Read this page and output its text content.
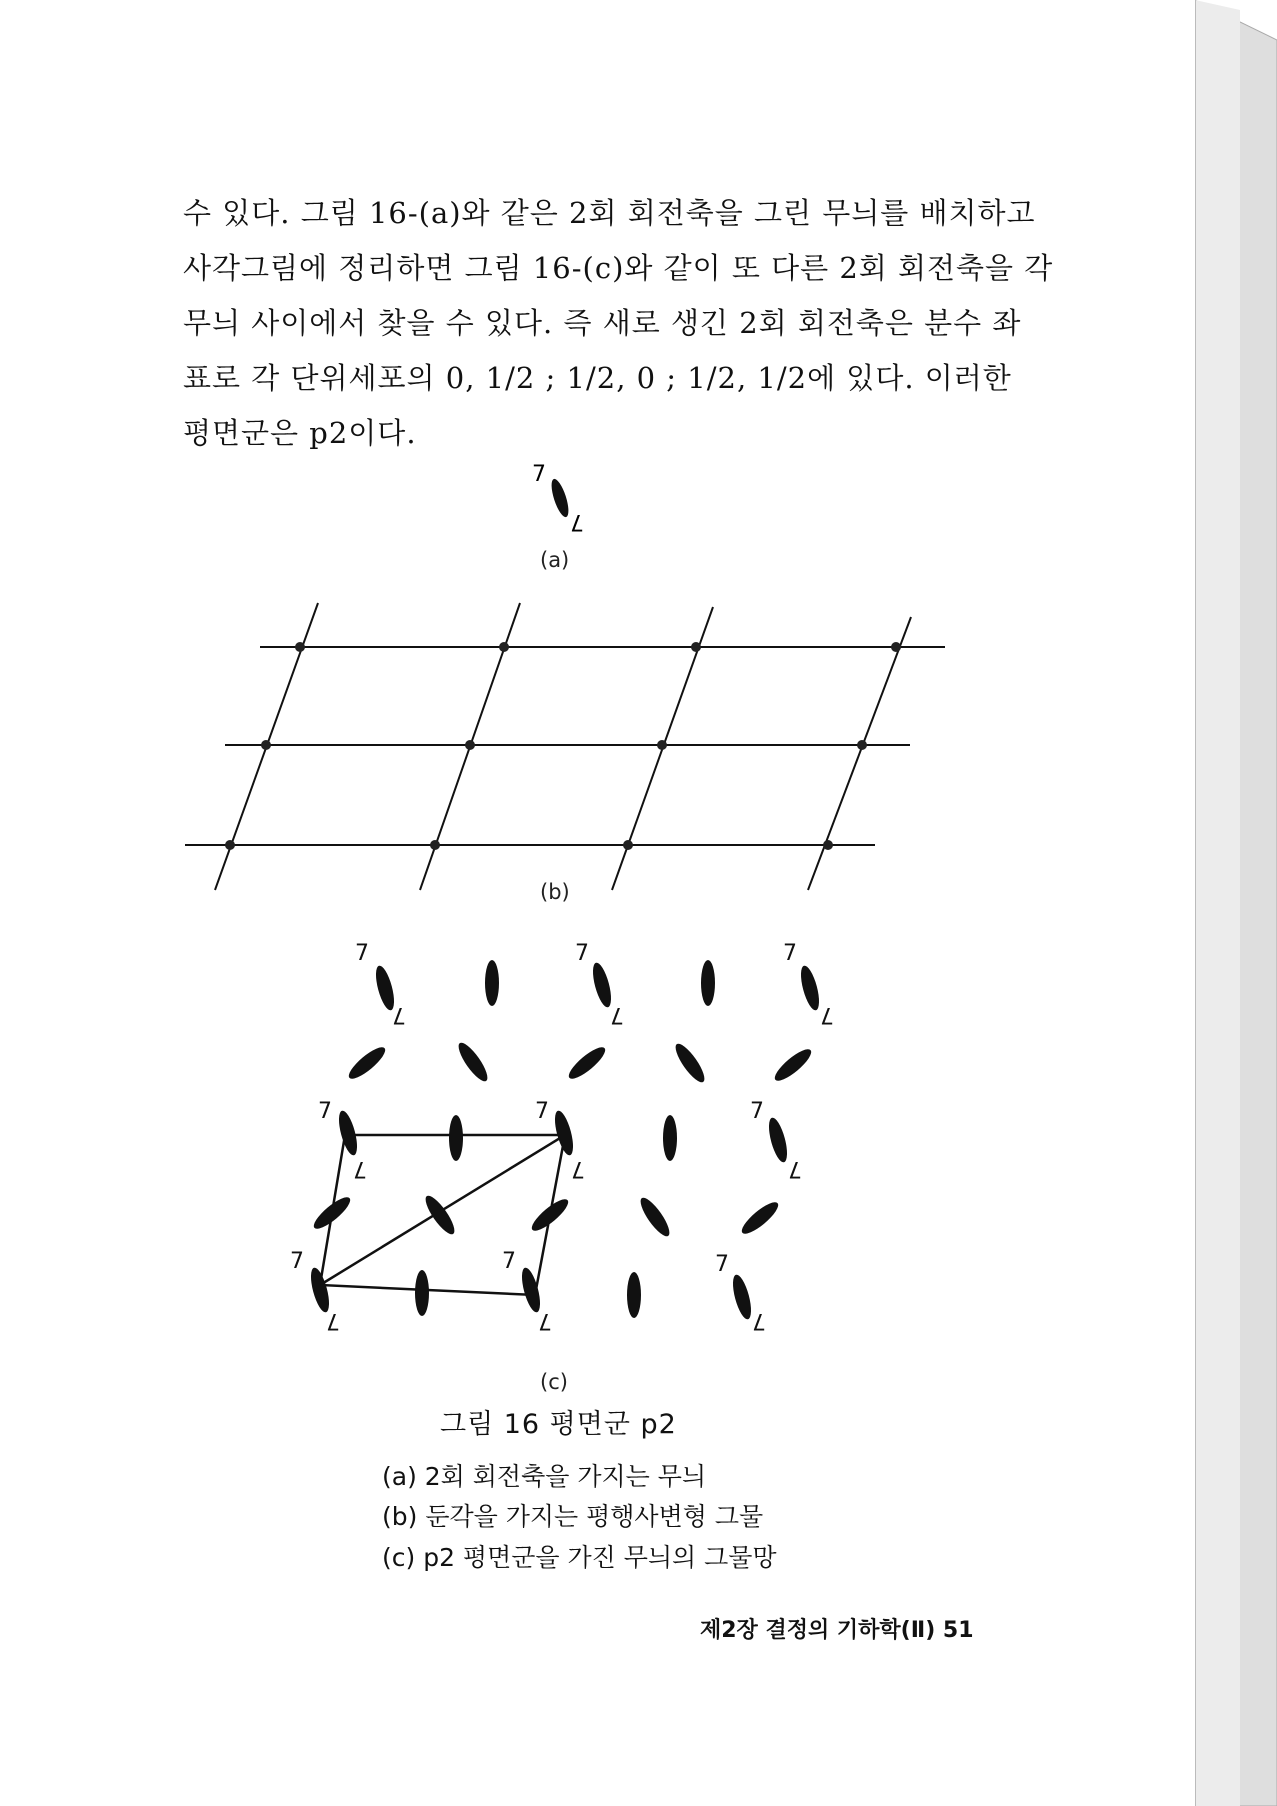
수 있다. 그림 16-(a)와 같은 2회 회전축을 그린 무늬를 배치하고

사각그림에 정리하면 그림 16-(c)와 같이 또 다른 2회 회전축을 각

무늬 사이에서 찾을 수 있다. 즉 새로 생긴 2회 회전축은 분수 좌

표로 각 단위세포의 0, 1/2 ; 1/2, 0 ; 1/2, 1/2에 있다. 이러한

평면군은 p2이다.

7
7
(a)
(b)
7	7	7
7	7	7
7	7	7
7	7	7
7	7	7
7	7	7
(c)
그림 16 평면군 p2
(a) 2회 회전축을 가지는 무늬
(b) 둔각을 가지는 평행사변형 그물
(c) p2 평면군을 가진 무늬의 그물망
제2장 결정의 기하학(Ⅱ) 51
